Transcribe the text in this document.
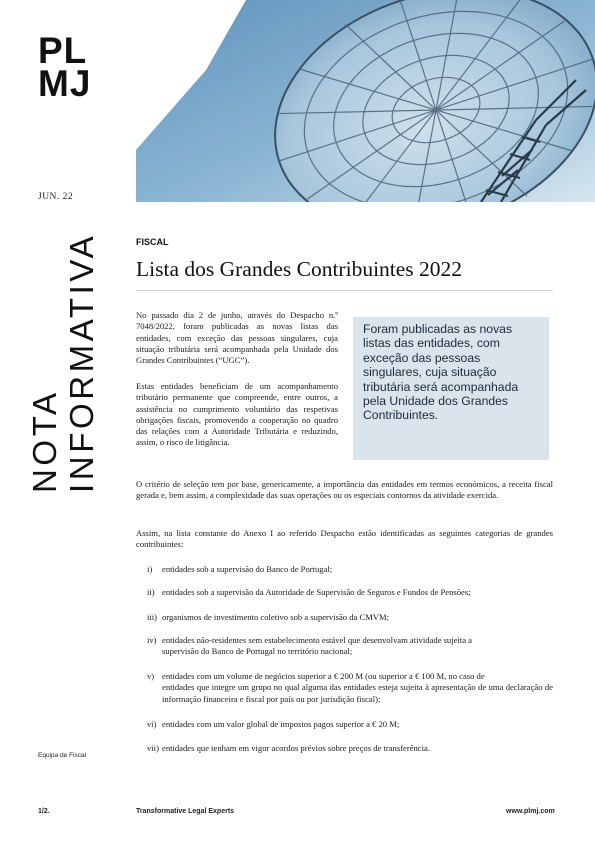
PL
MJ
JUN. 22
NOTA INFORMATIVA	FISCAL
Lista dos Grandes Contribuintes 2022
No passado dia 2 de junho, através do Despacho n.º 7048/2022, foram publicadas as novas listas das entidades, com exceção das pessoas singulares, cuja situação tributária será acompanhada pela Unidade dos Grandes Contribuintes (“UGC”).
Estas entidades beneficiam de um acompanhamento tributário permanente que compreende, entre outros, a assistência no cumprimento voluntário das respetivas obrigações fiscais, promovendo a cooperação no quadro das relações com a Autoridade Tributária e reduzindo, assim, o risco de litigância.
Foram publicadas as novas listas das entidades, com exceção das pessoas singulares, cuja situação tributária será acompanhada pela Unidade dos Grandes Contribuintes.
O critério de seleção tem por base, genericamente, a importância das entidades em termos económicos, a receita fiscal gerada e, bem assim, a complexidade das suas operações ou os especiais contornos da atividade exercida.
Assim, na lista constante do Anexo I ao referido Despacho estão identificadas as seguintes categorias de grandes contribuintes:
i) entidades sob a supervisão do Banco de Portugal;
ii) entidades sob a supervisão da Autoridade de Supervisão de Seguros e Fundos de Pensões;
iii) organismos de investimento coletivo sob a supervisão da CMVM;
iv) entidades não-residentes sem estabelecimento estável que desenvolvam atividade sujeita a
supervisão do Banco de Portugal no território nacional;
v) entidades com um volume de negócios superior a € 200 M (ou superior a € 100 M, no caso de
entidades que integre um grupo no qual alguma das entidades esteja sujeita à apresentação de uma declaração de informação financeira e fiscal por país ou por jurisdição fiscal);
vi) entidades com um valor global de impostos pagos superior a € 20 M;
vii) entidades que tenham em vigor acordos prévios sobre preços de transferência.
Equipa de Fiscal
1/2.	Transformative Legal Experts	www.plmj.com
